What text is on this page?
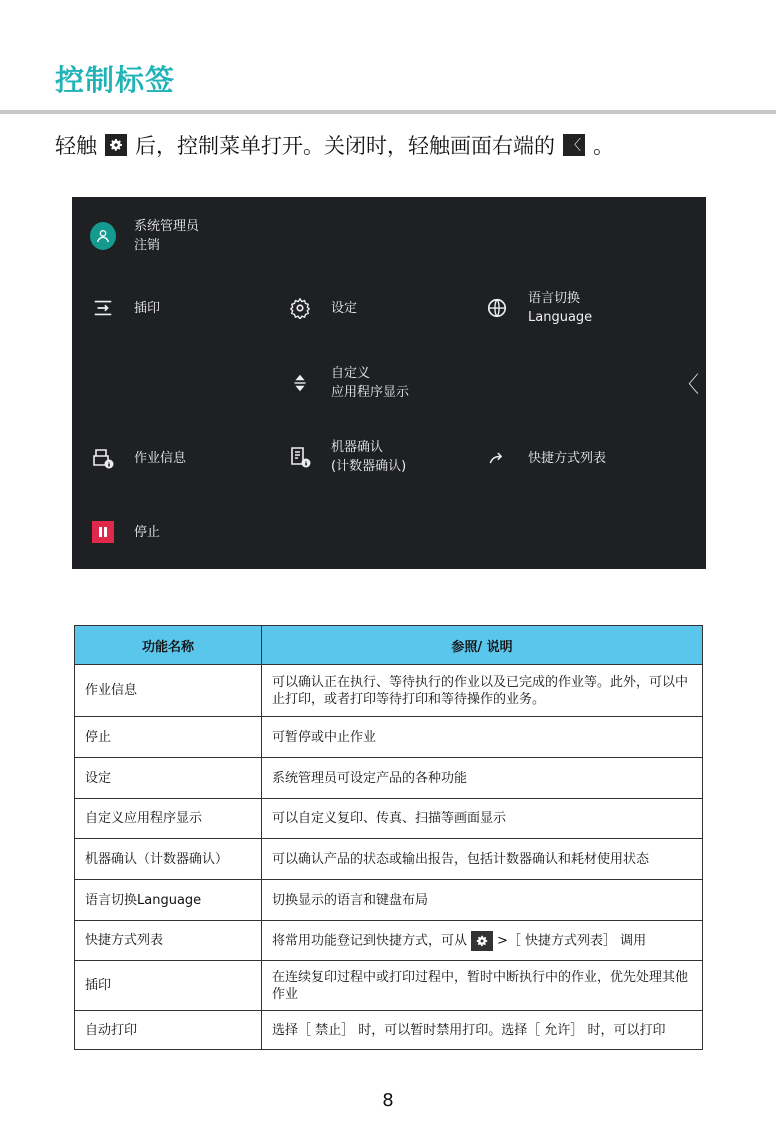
控制标签
轻触 后，控制菜单打开。关闭时，轻触画面右端的 〈 。
系统管理员
注销
插印	设定
语言切换
Language
自定义
应用程序显示	〈
作业信息
机器确认
(计数器确认)
快捷方式列表
停止
功能名称	参照/ 说明
作业信息	可以确认正在执行、等待执行的作业以及已完成的作业等。此外，可以中止打印，或者打印等待打印和等待操作的业务。
停止	可暂停或中止作业
设定	系统管理员可设定产品的各种功能
自定义应用程序显示	可以自定义复印、传真、扫描等画面显示
机器确认（计数器确认）	可以确认产品的状态或输出报告，包括计数器确认和耗材使用状态
语言切换Language	切换显示的语言和键盘布局
快捷方式列表	将常用功能登记到快捷方式，可从 >［ 快捷方式列表］ 调用
插印	在连续复印过程中或打印过程中，暂时中断执行中的作业，优先处理其他作业
自动打印	选择［ 禁止］ 时，可以暂时禁用打印。选择［ 允许］ 时，可以打印
8
